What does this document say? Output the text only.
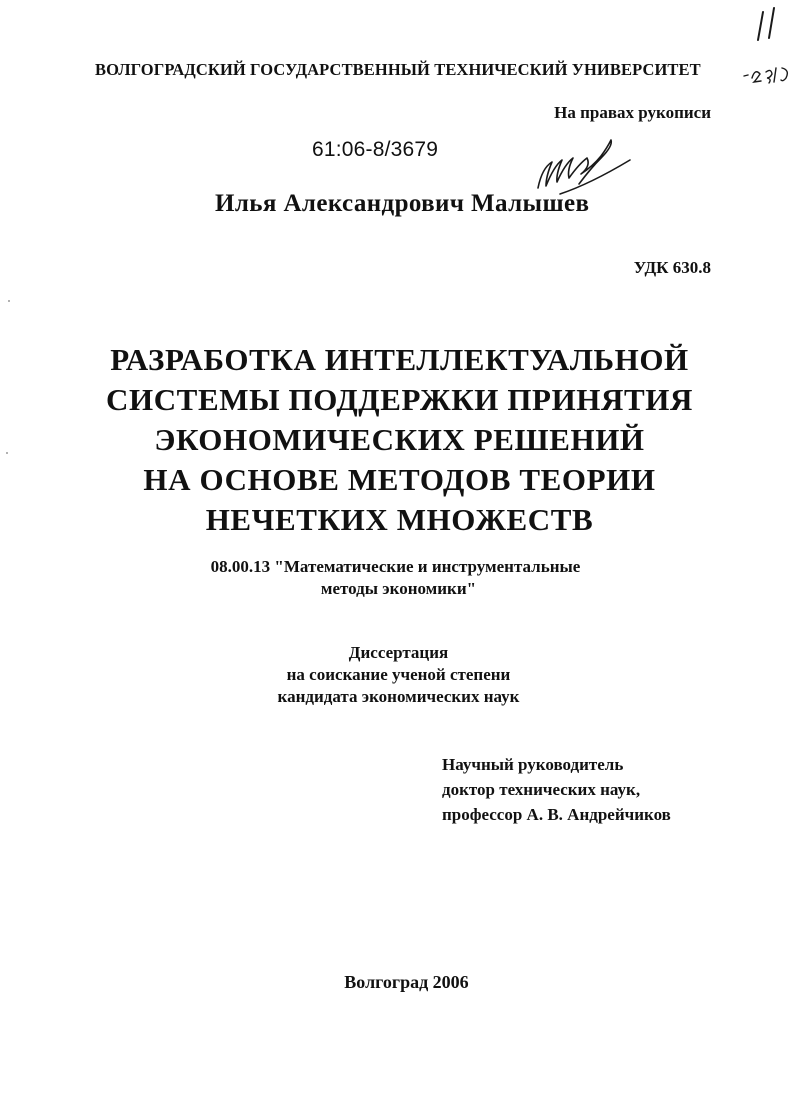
ВОЛГОГРАДСКИЙ ГОСУДАРСТВЕННЫЙ ТЕХНИЧЕСКИЙ УНИВЕРСИТЕТ
На правах рукописи
61:06-8/3679
Илья Александрович Малышев
УДК 630.8
РАЗРАБОТКА ИНТЕЛЛЕКТУАЛЬНОЙ
СИСТЕМЫ ПОДДЕРЖКИ ПРИНЯТИЯ
ЭКОНОМИЧЕСКИХ РЕШЕНИЙ
НА ОСНОВЕ МЕТОДОВ ТЕОРИИ
НЕЧЕТКИХ МНОЖЕСТВ
08.00.13 "Математические и инструментальные
методы экономики"
Диссертация
на соискание ученой степени
кандидата экономических наук
Научный руководитель
доктор технических наук,
профессор А. В. Андрейчиков
Волгоград 2006
